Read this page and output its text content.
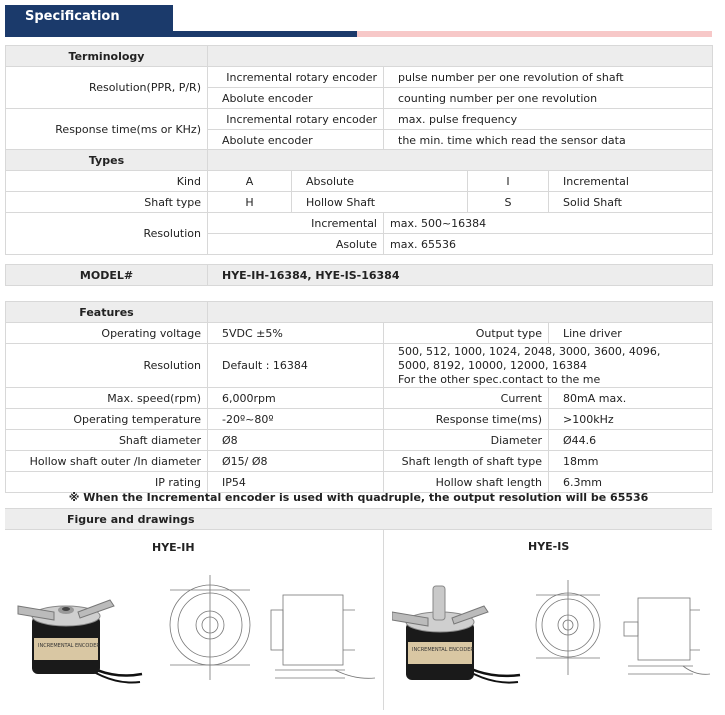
Specification
Terminology		
Resolution(PPR, P/R)	Incremental rotary encoder	pulse number per one revolution of shaft
	Abolute encoder	counting number per one revolution
Response time(ms or KHz)	Incremental rotary encoder	max. pulse frequency
	Abolute encoder	the min. time which read the sensor data
Types					
Kind	A	Absolute		I	Incremental
Shaft type	H	Hollow Shaft		S	Solid Shaft
Resolution	Incremental		max. 500~16384		
	Asolute		max. 65536		
MODEL#	HYE-IH-16384, HYE-IS-16384
Features			
Operating voltage	5VDC ±5%	Output type	Line driver
Resolution	Default : 16384	500, 512, 1000, 1024, 2048, 3000, 3600, 4096,
5000, 8192, 10000, 12000, 16384
For the other spec.contact to the me	

Max. speed(rpm)	6,000rpm	Current	80mA max.
Operating temperature	-20º~80º	Response time(ms)	>100kHz
Shaft diameter	Ø8	Diameter	Ø44.6
Hollow shaft outer /In diameter	Ø15/ Ø8	Shaft length of shaft type	18mm
IP rating	IP54	Hollow shaft length	6.3mm
※ When the Incremental encoder is used with quadruple, the output resolution will be 65536
Figure and drawings
HYE-IH	HYE-IS
INCREMENTAL ENCODER
INCREMENTAL ENCODER
